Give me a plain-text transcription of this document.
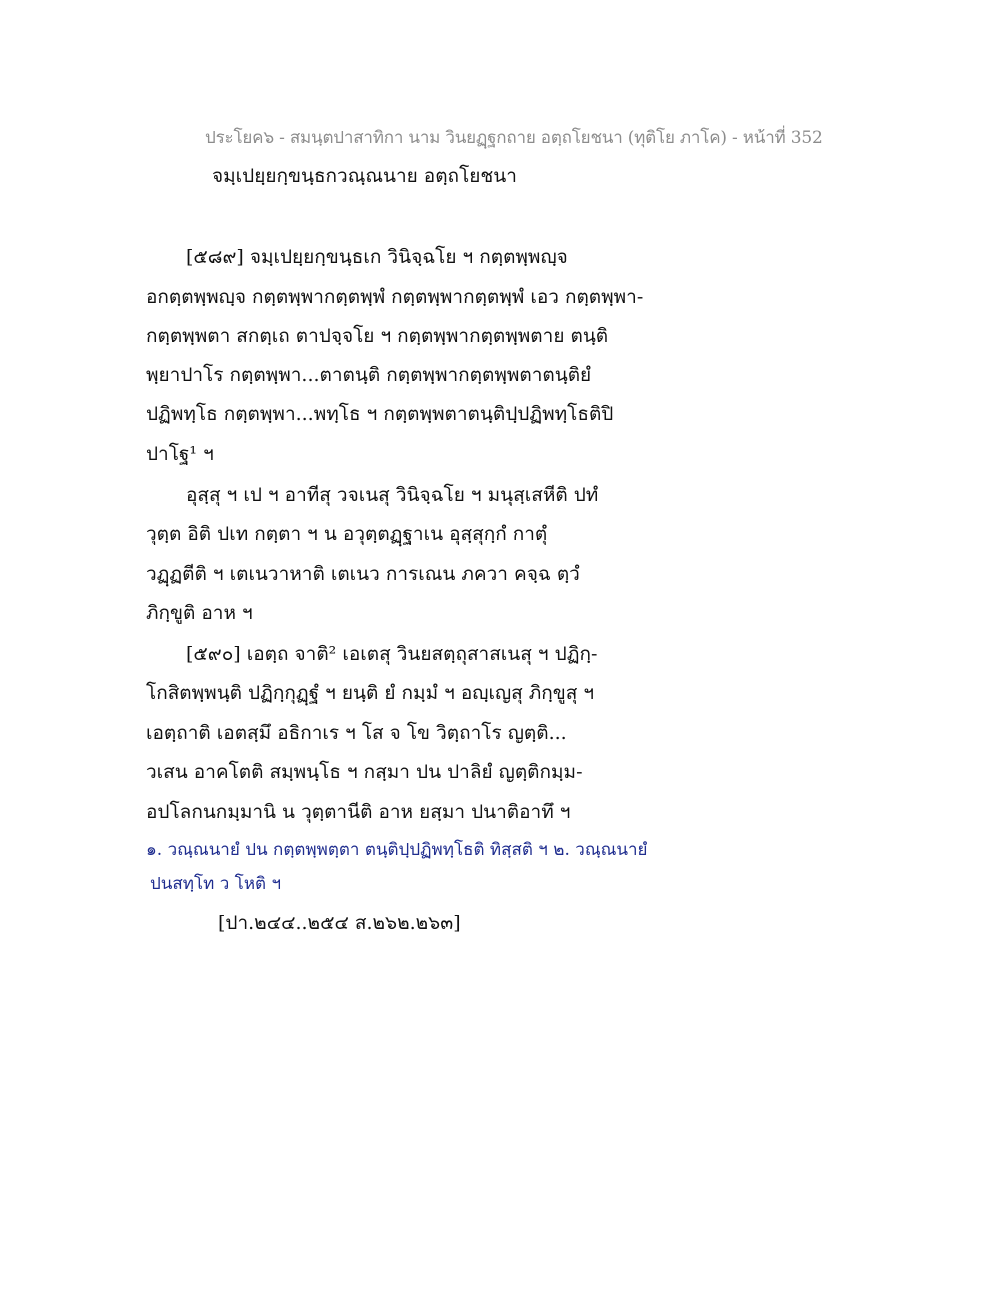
ประโยค๖ - สมนฺตปาสาทิกา นาม วินยฏฺฐกถาย อตฺถโยชนา (ทุติโย ภาโค) - หน้าที่ 352
จมฺเปยฺยกฺขนฺธกวณฺณนาย อตฺถโยชนา
[๕๘๙] จมฺเปยฺยกฺขนฺธเก วินิจฺฉโย ฯ กตฺตพฺพญฺจ
อกตฺตพฺพญฺจ กตฺตพฺพากตฺตพฺพํ กตฺตพฺพากตฺตพฺพํ เอว กตฺตพฺพา-
กตฺตพฺพตา สกตฺเถ ตาปจฺจโย ฯ กตฺตพฺพากตฺตพฺพตาย ตนฺติ
พฺยาปาโร กตฺตพฺพา...ตาตนฺติ กตฺตพฺพากตฺตพฺพตาตนฺติยํ
ปฏิพทฺโธ กตฺตพฺพา...พทฺโธ ฯ กตฺตพฺพตาตนฺติปฺปฏิพทฺโธติปิ
ปาโฐ¹ ฯ
อุสฺสุ ฯ เป ฯ อาทีสุ วจเนสุ วินิจฺฉโย ฯ มนุสฺเสหีติ ปทํ
วุตฺต อิติ ปเท กตฺตา ฯ น อวุตฺตฏฺฐาเน อุสฺสุกฺกํ กาตุํ
วฏฺฏตีติ ฯ เตเนวาหาติ เตเนว การเณน ภควา คจฺฉ ตฺวํ
ภิกฺขูติ อาห ฯ
[๕๙๐] เอตฺถ จาติ² เอเตสุ วินยสตฺถุสาสเนสุ ฯ ปฏิกฺ-
โกสิตพฺพนฺติ ปฏิกฺกุฏฺฐํ ฯ ยนฺติ ยํ กมฺมํ ฯ อญฺเญสุ ภิกฺขูสุ ฯ
เอตฺถาติ เอตสฺมึ อธิกาเร ฯ โส จ โข วิตฺถาโร ญตฺติ...
วเสน อาคโตติ สมฺพนฺโธ ฯ กสฺมา ปน ปาลิยํ ญตฺติกมฺม-
อปโลกนกมฺมานิ น วุตฺตานีติ อาห ยสฺมา ปนาติอาทึ ฯ
๑. วณฺณนายํ ปน กตฺตพฺพตฺตา ตนฺติปฺปฏิพทฺโธติ ทิสฺสติ ฯ ๒. วณฺณนายํ
ปนสทฺโท ว โหติ ฯ
[ปา.๒๔๔..๒๕๔ ส.๒๖๒.๒๖๓]
